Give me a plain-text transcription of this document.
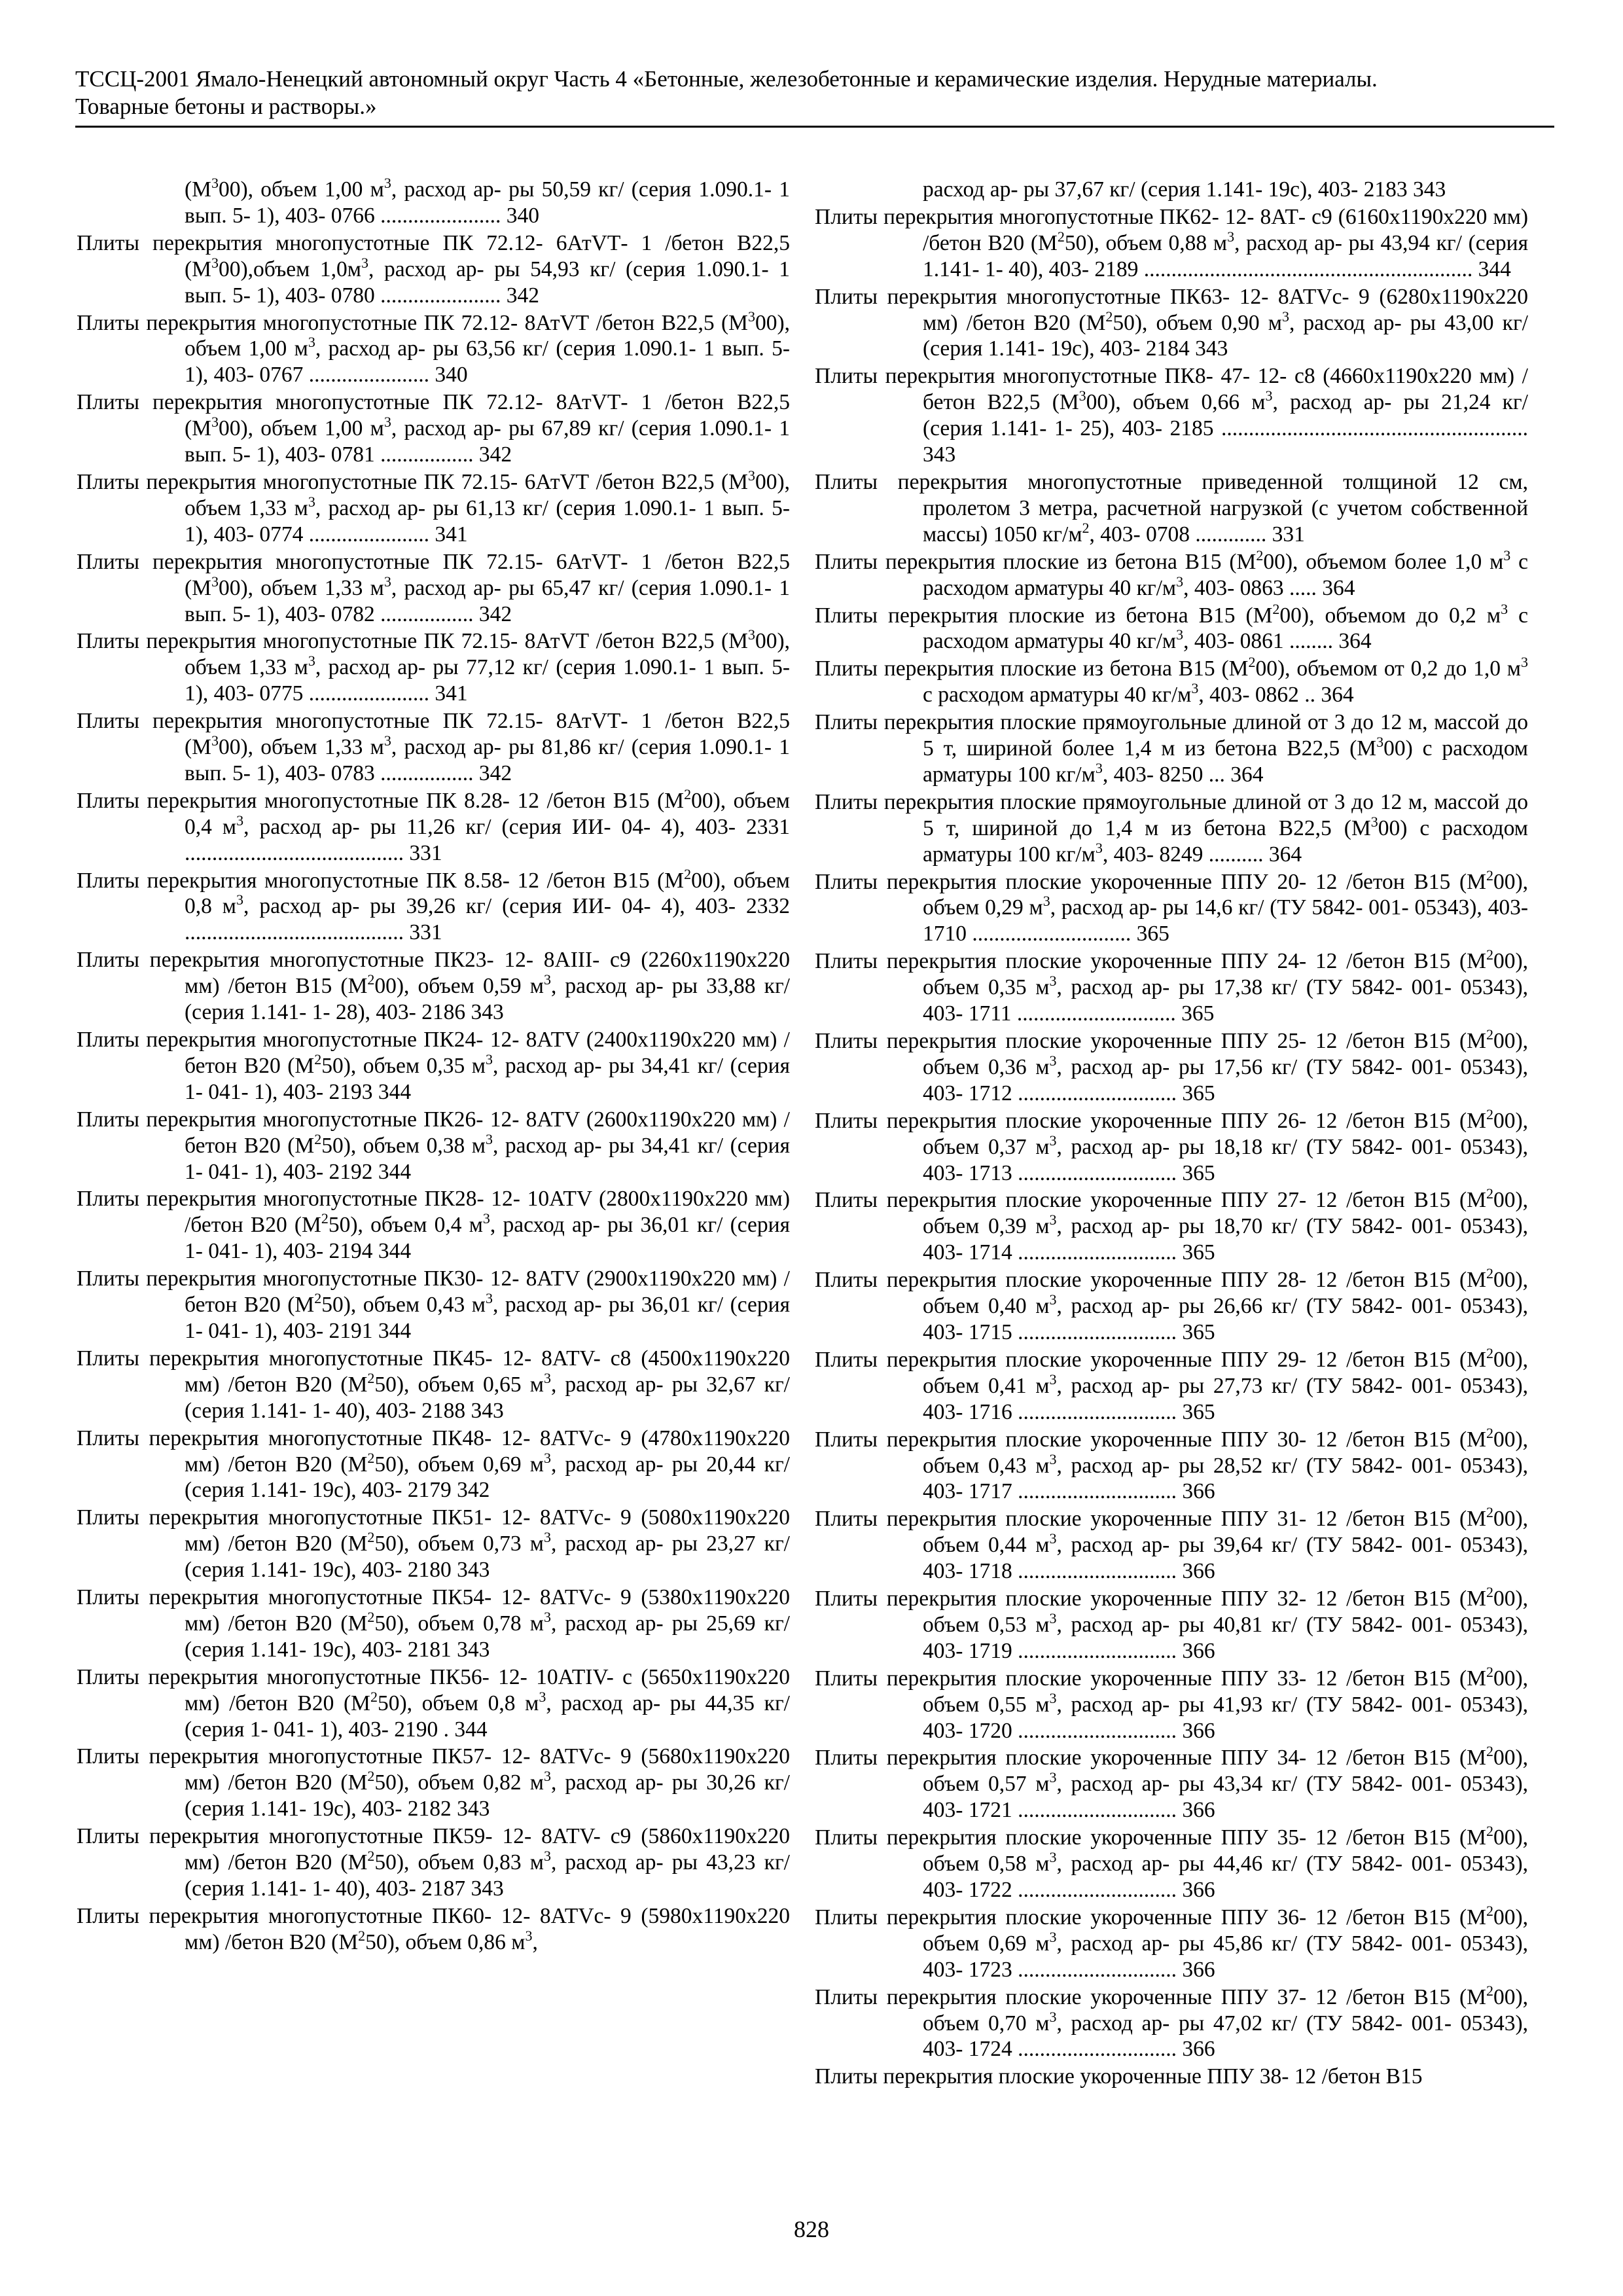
ТССЦ-2001 Ямало-Ненецкий автономный округ Часть 4 «Бетонные, железобетонные и керамические изделия. Нерудные материалы.
Товарные бетоны и растворы.»

$(М^300)$, объем 1,00 $м^3$, расход ар- ры 50,59 кг/ (серия 1.090.1- 1 вып. 5- 1), 403- 0766 ...................... 340

Плиты перекрытия многопустотные ПК 72.12- 6АтVТ- 1 /бетон В22,5 $(М^300),объем$ $1,0м^3$, расход ар- ры 54,93 кг/ (серия 1.090.1- 1 вып. 5- 1), 403- 0780 ...................... 342

Плиты перекрытия многопустотные ПК 72.12- 8АтVТ /бетон В22,5 $(М^300)$, объем 1,00 $м^3$, расход ар- ры 63,56 кг/ (серия 1.090.1- 1 вып. 5- 1), 403- 0767 ...................... 340

Плиты перекрытия многопустотные ПК 72.12- 8АтVТ- 1 /бетон В22,5 $(М^300)$, объем 1,00 $м^3$, расход ар- ры 67,89 кг/ (серия 1.090.1- 1 вып. 5- 1), 403- 0781 ................. 342

Плиты перекрытия многопустотные ПК 72.15- 6АтVТ /бетон В22,5 $(М^300)$, объем 1,33 $м^3$, расход ар- ры 61,13 кг/ (серия 1.090.1- 1 вып. 5- 1), 403- 0774 ...................... 341

Плиты перекрытия многопустотные ПК 72.15- 6АтVТ- 1 /бетон В22,5 $(М^300)$, объем 1,33 $м^3$, расход ар- ры 65,47 кг/ (серия 1.090.1- 1 вып. 5- 1), 403- 0782 ................. 342

Плиты перекрытия многопустотные ПК 72.15- 8АтVТ /бетон В22,5 $(М^300)$, объем 1,33 $м^3$, расход ар- ры 77,12 кг/ (серия 1.090.1- 1 вып. 5- 1), 403- 0775 ...................... 341

Плиты перекрытия многопустотные ПК 72.15- 8АтVТ- 1 /бетон В22,5 $(М^300)$, объем 1,33 $м^3$, расход ар- ры 81,86 кг/ (серия 1.090.1- 1 вып. 5- 1), 403- 0783 ................. 342

Плиты перекрытия многопустотные ПК 8.28- 12 /бетон В15 $(М^200)$, объем 0,4 $м^3$, расход ар- ры 11,26 кг/ (серия ИИ- 04- 4), 403- 2331 ........................................ 331

Плиты перекрытия многопустотные ПК 8.58- 12 /бетон В15 $(М^200)$, объем 0,8 $м^3$, расход ар- ры 39,26 кг/ (серия ИИ- 04- 4), 403- 2332 ........................................ 331

Плиты перекрытия многопустотные ПК23- 12- 8АIII- с9 (2260х1190х220 мм) /бетон В15 $(М^200)$, объем 0,59 $м^3$, расход ар- ры 33,88 кг/ (серия 1.141- 1- 28), 403- 2186 343

Плиты перекрытия многопустотные ПК24- 12- 8АТV (2400х1190х220 мм) /бетон В20 $(М^250)$, объем 0,35 $м^3$, расход ар- ры 34,41 кг/ (серия 1- 041- 1), 403- 2193 344

Плиты перекрытия многопустотные ПК26- 12- 8АТV (2600х1190х220 мм) /бетон В20 $(М^250)$, объем 0,38 $м^3$, расход ар- ры 34,41 кг/ (серия 1- 041- 1), 403- 2192 344

Плиты перекрытия многопустотные ПК28- 12- 10АТV (2800х1190х220 мм) /бетон В20 $(М^250)$, объем 0,4 $м^3$, расход ар- ры 36,01 кг/ (серия 1- 041- 1), 403- 2194 344

Плиты перекрытия многопустотные ПК30- 12- 8АТV (2900х1190х220 мм) /бетон В20 $(М^250)$, объем 0,43 $м^3$, расход ар- ры 36,01 кг/ (серия 1- 041- 1), 403- 2191 344

Плиты перекрытия многопустотные ПК45- 12- 8АТV- с8 (4500х1190х220 мм) /бетон В20 $(М^250)$, объем 0,65 $м^3$, расход ар- ры 32,67 кг/ (серия 1.141- 1- 40), 403- 2188 343

Плиты перекрытия многопустотные ПК48- 12- 8АТVс- 9 (4780х1190х220 мм) /бетон В20 $(М^250)$, объем 0,69 $м^3$, расход ар- ры 20,44 кг/ (серия 1.141- 19с), 403- 2179 342

Плиты перекрытия многопустотные ПК51- 12- 8АТVс- 9 (5080х1190х220 мм) /бетон В20 $(М^250)$, объем 0,73 $м^3$, расход ар- ры 23,27 кг/ (серия 1.141- 19с), 403- 2180 343

Плиты перекрытия многопустотные ПК54- 12- 8АТVс- 9 (5380х1190х220 мм) /бетон В20 $(М^250)$, объем 0,78 $м^3$, расход ар- ры 25,69 кг/ (серия 1.141- 19с), 403- 2181 343

Плиты перекрытия многопустотные ПК56- 12- 10АТIV- с (5650х1190х220 мм) /бетон В20 $(М^250)$, объем 0,8 $м^3$, расход ар- ры 44,35 кг/ (серия 1- 041- 1), 403- 2190 . 344

Плиты перекрытия многопустотные ПК57- 12- 8АТVс- 9 (5680х1190х220 мм) /бетон В20 $(М^250)$, объем 0,82 $м^3$, расход ар- ры 30,26 кг/ (серия 1.141- 19с), 403- 2182 343

Плиты перекрытия многопустотные ПК59- 12- 8АТV- с9 (5860х1190х220 мм) /бетон В20 $(М^250)$, объем 0,83 $м^3$, расход ар- ры 43,23 кг/ (серия 1.141- 1- 40), 403- 2187 343

Плиты перекрытия многопустотные ПК60- 12- 8АТVс- 9 (5980х1190х220 мм) /бетон В20 $(М^250)$, объем 0,86 $м^3$,

расход ар- ры 37,67 кг/ (серия 1.141- 19с), 403- 2183 343

Плиты перекрытия многопустотные ПК62- 12- 8АТ- с9 (6160х1190х220 мм) /бетон В20 $(М^250)$, объем 0,88 $м^3$, расход ар- ры 43,94 кг/ (серия 1.141- 1- 40), 403- 2189 ............................................................ 344

Плиты перекрытия многопустотные ПК63- 12- 8АТVс- 9 (6280х1190х220 мм) /бетон В20 $(М^250)$, объем 0,90 $м^3$, расход ар- ры 43,00 кг/ (серия 1.141- 19с), 403- 2184 343

Плиты перекрытия многопустотные ПК8- 47- 12- с8 (4660х1190х220 мм) /бетон В22,5 $(М^300)$, объем 0,66 $м^3$, расход ар- ры 21,24 кг/ (серия 1.141- 1- 25), 403- 2185 ........................................................ 343

Плиты перекрытия многопустотные приведенной толщиной 12 см, пролетом 3 метра, расчетной нагрузкой (с учетом собственной массы) 1050 $кг/м^2$, 403- 0708 ............. 331

Плиты перекрытия плоские из бетона В15 $(М^200)$, объемом более 1,0 $м^3$ с расходом арматуры 40 $кг/м^3$, 403- 0863 ..... 364

Плиты перекрытия плоские из бетона В15 $(М^200)$, объемом до 0,2 $м^3$ с расходом арматуры 40 $кг/м^3$, 403- 0861 ........ 364

Плиты перекрытия плоские из бетона В15 $(М^200)$, объемом от 0,2 до 1,0 $м^3$ с расходом арматуры 40 $кг/м^3$, 403- 0862 .. 364

Плиты перекрытия плоские прямоугольные длиной от 3 до 12 м, массой до 5 т, шириной более 1,4 м из бетона В22,5 $(М^300)$ с расходом арматуры 100 $кг/м^3$, 403- 8250 ... 364

Плиты перекрытия плоские прямоугольные длиной от 3 до 12 м, массой до 5 т, шириной до 1,4 м из бетона В22,5 $(М^300)$ с расходом арматуры 100 $кг/м^3$, 403- 8249 .......... 364

Плиты перекрытия плоские укороченные ППУ 20- 12 /бетон В15 $(М^200)$, объем 0,29 $м^3$, расход ар- ры 14,6 кг/ (ТУ 5842- 001- 05343), 403- 1710 ............................. 365

Плиты перекрытия плоские укороченные ППУ 24- 12 /бетон В15 $(М^200)$, объем 0,35 $м^3$, расход ар- ры 17,38 кг/ (ТУ 5842- 001- 05343), 403- 1711 ............................. 365

Плиты перекрытия плоские укороченные ППУ 25- 12 /бетон В15 $(М^200)$, объем 0,36 $м^3$, расход ар- ры 17,56 кг/ (ТУ 5842- 001- 05343), 403- 1712 ............................. 365

Плиты перекрытия плоские укороченные ППУ 26- 12 /бетон В15 $(М^200)$, объем 0,37 $м^3$, расход ар- ры 18,18 кг/ (ТУ 5842- 001- 05343), 403- 1713 ............................. 365

Плиты перекрытия плоские укороченные ППУ 27- 12 /бетон В15 $(М^200)$, объем 0,39 $м^3$, расход ар- ры 18,70 кг/ (ТУ 5842- 001- 05343), 403- 1714 ............................. 365

Плиты перекрытия плоские укороченные ППУ 28- 12 /бетон В15 $(М^200)$, объем 0,40 $м^3$, расход ар- ры 26,66 кг/ (ТУ 5842- 001- 05343), 403- 1715 ............................. 365

Плиты перекрытия плоские укороченные ППУ 29- 12 /бетон В15 $(М^200)$, объем 0,41 $м^3$, расход ар- ры 27,73 кг/ (ТУ 5842- 001- 05343), 403- 1716 ............................. 365

Плиты перекрытия плоские укороченные ППУ 30- 12 /бетон В15 $(М^200)$, объем 0,43 $м^3$, расход ар- ры 28,52 кг/ (ТУ 5842- 001- 05343), 403- 1717 ............................. 366

Плиты перекрытия плоские укороченные ППУ 31- 12 /бетон В15 $(М^200)$, объем 0,44 $м^3$, расход ар- ры 39,64 кг/ (ТУ 5842- 001- 05343), 403- 1718 ............................. 366

Плиты перекрытия плоские укороченные ППУ 32- 12 /бетон В15 $(М^200)$, объем 0,53 $м^3$, расход ар- ры 40,81 кг/ (ТУ 5842- 001- 05343), 403- 1719 ............................. 366

Плиты перекрытия плоские укороченные ППУ 33- 12 /бетон В15 $(М^200)$, объем 0,55 $м^3$, расход ар- ры 41,93 кг/ (ТУ 5842- 001- 05343), 403- 1720 ............................. 366

Плиты перекрытия плоские укороченные ППУ 34- 12 /бетон В15 $(М^200)$, объем 0,57 $м^3$, расход ар- ры 43,34 кг/ (ТУ 5842- 001- 05343), 403- 1721 ............................. 366

Плиты перекрытия плоские укороченные ППУ 35- 12 /бетон В15 $(М^200)$, объем 0,58 $м^3$, расход ар- ры 44,46 кг/ (ТУ 5842- 001- 05343), 403- 1722 ............................. 366

Плиты перекрытия плоские укороченные ППУ 36- 12 /бетон В15 $(М^200)$, объем 0,69 $м^3$, расход ар- ры 45,86 кг/ (ТУ 5842- 001- 05343), 403- 1723 ............................. 366

Плиты перекрытия плоские укороченные ППУ 37- 12 /бетон В15 $(М^200)$, объем 0,70 $м^3$, расход ар- ры 47,02 кг/ (ТУ 5842- 001- 05343), 403- 1724 ............................. 366

Плиты перекрытия плоские укороченные ППУ 38- 12 /бетон В15

828
